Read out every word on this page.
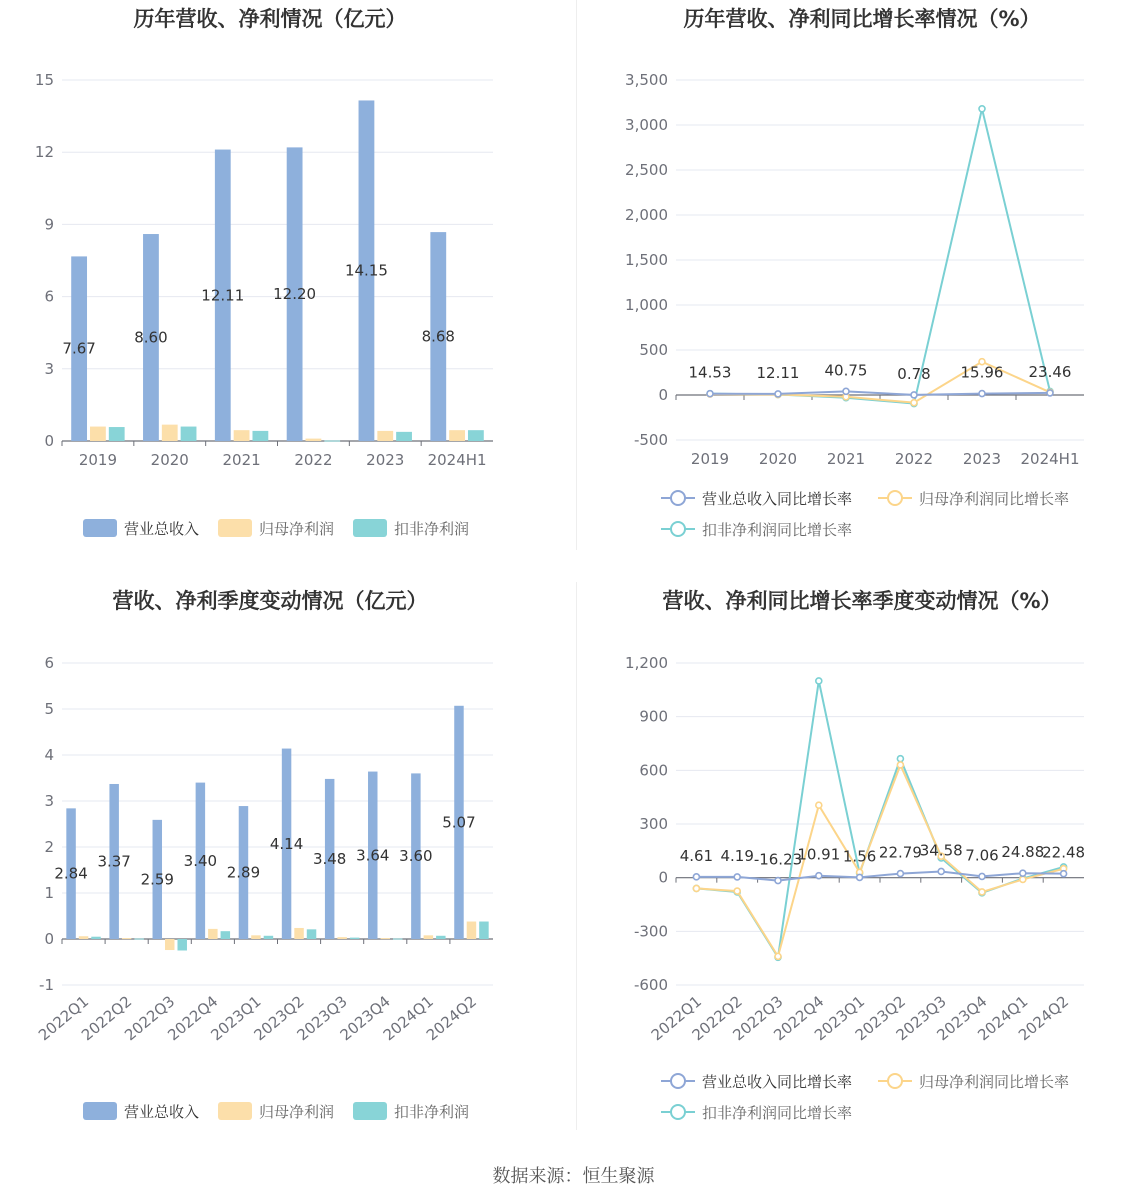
历年营收、净利情况（亿元）
0
3
6
9
12
15
2019 2020 2021 2022 2023 2024H1
7.67
8.60
12.11 12.20
14.15
8.68
营业总收入	归母净利润	扣非净利润
历年营收、净利同比增长率情况（%）
-500
0
500
1,000
1,500
2,000
2,500
3,000
3,500
2019 2020 2021 2022 2023 2024H1
14.53 12.11 40.75 0.78 15.96 23.46
营业总收入同比增长率	归母净利润同比增长率
扣非净利润同比增长率
营收、净利季度变动情况（亿元）
-1
0
1
2
3
4
5
6
2022Q1
2022Q2
2022Q3
2022Q4
2023Q1
2023Q2
2023Q3
2023Q4
2024Q1
2024Q2
2.84
3.37
2.59
3.40
2.89
4.14
3.48 3.64 3.60
5.07
营业总收入	归母净利润	扣非净利润
营收、净利同比增长率季度变动情况（%）
-600
-300
0
300
600
900
1,200
2022Q1
2022Q2
2022Q3
2022Q4
2023Q1
2023Q2
2023Q3
2023Q4
2024Q1
2024Q2
4.61 4.19 -16.23
10.91 1.56 22.79
34.58 7.06 24.88
22.48
营业总收入同比增长率	归母净利润同比增长率
扣非净利润同比增长率
数据来源：恒生聚源
